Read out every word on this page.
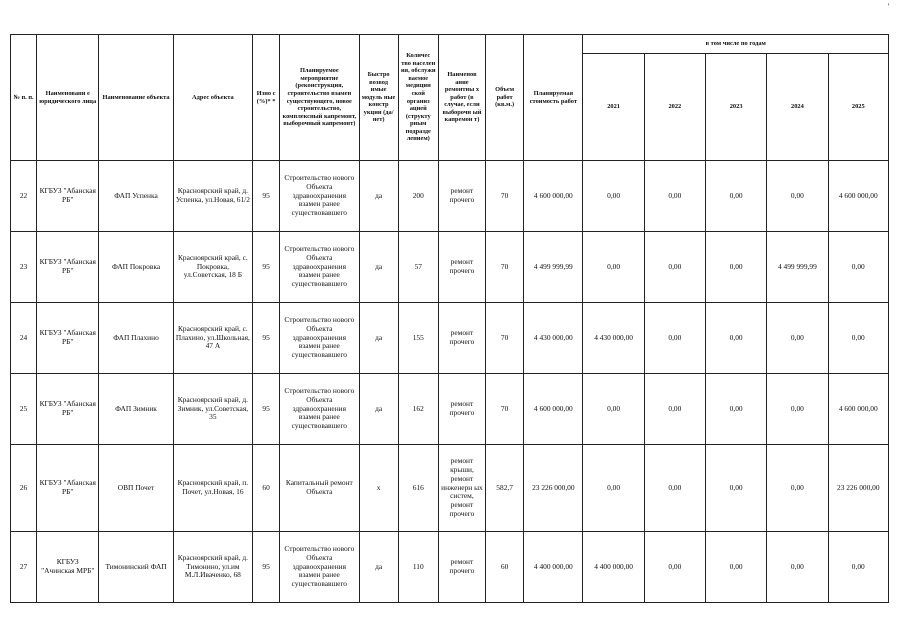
'
№ п. п.	Наименовани е юридического лица	Наименование объекта	Адрес объекта	Изно с (%)* *	Планируемое мероприятие (реконструкция, строительство взамен существующего, новое строительство, комплексный капремонт, выборочный капремонт)	Быстро возвод имые модуль ные констр укции (да/нет)	Количес тво населен ия, обслужи ваемое медицин ской организ ацией (структу рным подразде лением)	Наименов ание ремонтны х работ (в случае, если выборочн ый капремон т)	Объем работ (кв.м.)	Планируемая стоимость работ	в том числе по годам				
											2021	2022	2023	2024	2025
22	КГБУЗ "Абанская РБ"	ФАП Успенка	Красноярский край, д. Успенка, ул.Новая, 61/2	95	Строительство нового Объекта здравоохранения взамен ранее существовавшего	да	200	ремонт прочего	70	4 600 000,00	0,00	0,00	0,00	0,00	4 600 000,00
23	КГБУЗ "Абанская РБ"	ФАП Покровка	Красноярский край, с. Покровка, ул.Советская, 18 Б	95	Строительство нового Объекта здравоохранения взамен ранее существовавшего	да	57	ремонт прочего	70	4 499 999,99	0,00	0,00	0,00	4 499 999,99	0,00
24	КГБУЗ "Абанская РБ"	ФАП Плахино	Красноярский край, с. Плахино, ул.Школьная, 47 А	95	Строительство нового Объекта здравоохранения взамен ранее существовавшего	да	155	ремонт прочего	70	4 430 000,00	4 430 000,00	0,00	0,00	0,00	0,00
25	КГБУЗ "Абанская РБ"	ФАП Зимник	Красноярский край, д. Зимник, ул.Советская, 35	95	Строительство нового Объекта здравоохранения взамен ранее существовавшего	да	162	ремонт прочего	70	4 600 000,00	0,00	0,00	0,00	0,00	4 600 000,00
26	КГБУЗ "Абанская РБ"	ОВП Почет	Красноярский край, п. Почет, ул.Новая, 16	60	Капитальный ремонт Объекта	х	616	ремонт крыши, ремонт инженерн ых систем, ремонт прочего	582,7	23 226 000,00	0,00	0,00	0,00	0,00	23 226 000,00
27	КГБУЗ "Ачинская МРБ"	Тимонинский ФАП	Красноярский край, д. Тимонино, ул.им М.Л.Иваченко, 68	95	Строительство нового Объекта здравоохранения взамен ранее существовавшего	да	110	ремонт прочего	60	4 400 000,00	4 400 000,00	0,00	0,00	0,00	0,00
